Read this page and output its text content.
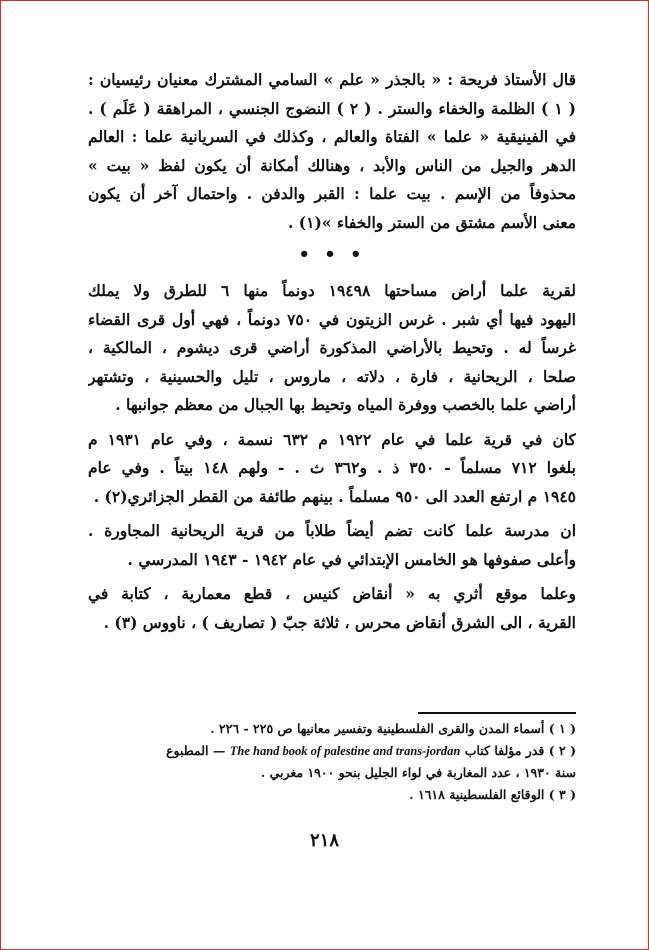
قال الأستاذ فريحة : « بالجذر « علم » السامي المشترك معنيان رئيسيان :
( ١ ) الظلمة والخفاء والستر . ( ٢ ) النضوج الجنسي ، المراهقة ( عَلَم ) .
في الفينيقية « علما » الفتاة والعالم ، وكذلك في السريانية علما : العالم
الدهر والجيل من الناس والأبد ، وهنالك أمكانة أن يكون لفظ « بيت »
محذوفاً من الإسم . بيت علما : القبر والدفن . واحتمال آخر أن يكون
معنى الأسم مشتق من الستر والخفاء »(١) .
• • •
لقرية علما أراض مساحتها ١٩٤٩٨ دونماً منها ٦ للطرق ولا يملك
اليهود فيها أي شبر . غرس الزيتون في ٧٥٠ دونماً ، فهي أول قرى القضاء
غرساً له . وتحيط بالأراضي المذكورة أراضي قرى ديشوم ، المالكية ،
صلحا ، الريحانية ، فارة ، دلاته ، ماروس ، تليل والحسينية ، وتشتهر
أراضي علما بالخصب ووفرة المياه وتحيط بها الجبال من معظم جوانبها .
كان في قرية علما في عام ١٩٢٢ م ٦٣٢ نسمة ، وفي عام ١٩٣١ م
بلغوا ٧١٢ مسلماً - ٣٥٠ ذ . و٣٦٢ ث . - ولهم ١٤٨ بيتاً . وفي عام
١٩٤٥ م ارتفع العدد الى ٩٥٠ مسلماً . بينهم طائفة من القطر الجزائري(٢) .
ان مدرسة علما كانت تضم أيضاً طلاباً من قرية الريحانية المجاورة .
وأعلى صفوفها هو الخامس الإبتدائي في عام ١٩٤٢ - ١٩٤٣ المدرسي .
وعلما موقع أثري به « أنقاض كنيس ، قطع معمارية ، كتابة في
القرية ، الى الشرق أنقاض محرس ، ثلاثة جبّ ( تصاريف ) ، ناووس (٣) .
( ١ ) أسماء المدن والقرى الفلسطينية وتفسير معانيها ص ٢٢٥ - ٢٢٦ .
( ٢ ) قدر مؤلفا كتاب The hand book of palestine and trans-jordan — المطبوع
سنة ١٩٣٠ ، عدد المغاربة في لواء الجليل بنحو ١٩٠٠ مغربي .
( ٣ ) الوقائع الفلسطينية ١٦١٨ .
٢١٨
